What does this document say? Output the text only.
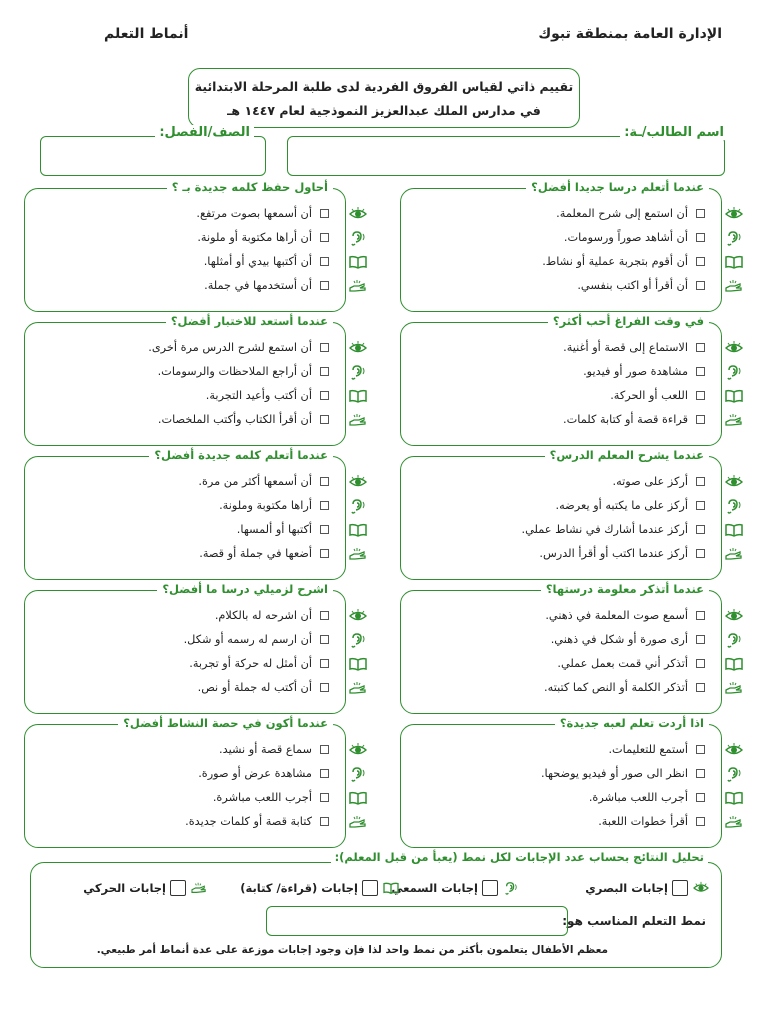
الإدارة العامة بمنطقة تبوك
أنماط التعلم
تقييم ذاتي لقياس الفروق الفردية لدى طلبة المرحلة الابتدائية
في مدارس الملك عبدالعزيز النموذجية لعام ١٤٤٧ هـ
اسم الطالب/ـة:
الصف/الفصل:
عندما أتعلم درسا جديدا أفضل؟
أن استمع إلى شرح المعلمة.
أن أشاهد صوراً ورسومات.
أن أقوم بتجربة عملية أو نشاط.
أن أقرأ أو اكتب بنفسي.
أحاول حفظ كلمه جديدة بـ ؟
أن أسمعها بصوت مرتفع.
أن أراها مكتوبة أو ملونة.
أن أكتبها بيدي أو أمثلها.
أن أستخدمها في جملة.
في وقت الفراغ أحب أكثر؟
الاستماع إلى قصة أو أغنية.
مشاهدة صور أو فيديو.
اللعب أو الحركة.
قراءة قصة أو كتابة كلمات.
عندما أستعد للاختبار أفضل؟
أن استمع لشرح الدرس مرة أخرى.
أن أراجع الملاحظات والرسومات.
أن أكتب وأعيد التجربة.
أن أقرأ الكتاب وأكتب الملخصات.
عندما يشرح المعلم الدرس؟
أركز على صوته.
أركز على ما يكتبه أو يعرضه.
أركز عندما أشارك في نشاط عملي.
أركز عندما اكتب أو أقرأ الدرس.
عندما أتعلم كلمه جديدة أفضل؟
أن أسمعها أكثر من مرة.
أراها مكتوبة وملونة.
أكتبها أو ألمسها.
أضعها في جملة أو قصة.
عندما أتذكر معلومة درستها؟
أسمع صوت المعلمة في ذهني.
أرى صورة أو شكل في ذهني.
أتذكر أني قمت بعمل عملي.
أتذكر الكلمة أو النص كما كتبته.
اشرح لزميلي درسا ما أفضل؟
أن اشرحه له بالكلام.
أن ارسم له رسمه أو شكل.
أن أمثل له حركة أو تجربة.
أن أكتب له جملة أو نص.
اذا أردت تعلم لعبه جديدة؟
أستمع للتعليمات.
انظر الى صور أو فيديو يوضحها.
أجرب اللعب مباشرة.
أقرأ خطوات اللعبة.
عندما أكون في حصة النشاط أفضل؟
سماع قصة أو نشيد.
مشاهدة عرض أو صورة.
أجرب اللعب مباشرة.
كتابة قصة أو كلمات جديدة.
تحليل النتائج بحساب عدد الإجابات لكل نمط (يعبأ من قبل المعلم):
إجابات البصري
إجابات السمعي
إجابات (قراءة/ كتابة)
إجابات الحركي
نمط التعلم المناسب هو:
معظم الأطفال يتعلمون بأكثر من نمط واحد لذا فإن وجود إجابات موزعة على عدة أنماط أمر طبيعي.
